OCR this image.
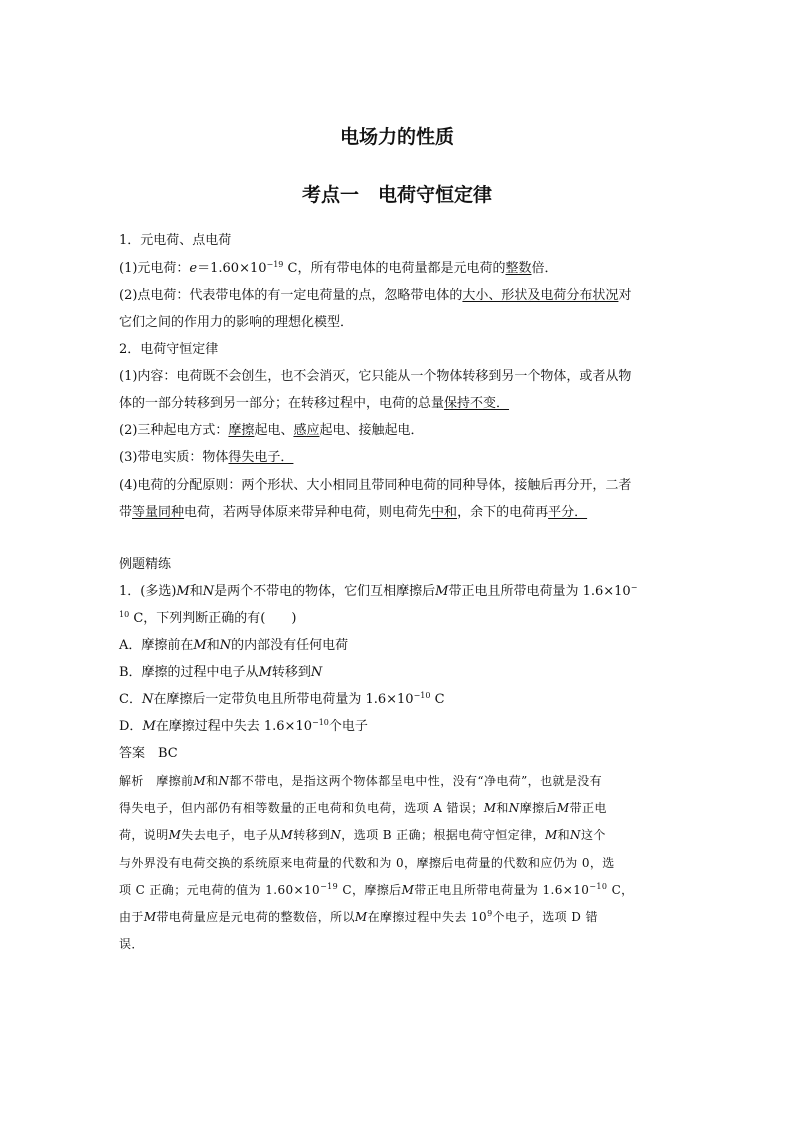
电场力的性质
考点一　电荷守恒定律
1．元电荷、点电荷
(1)元电荷：$e=1.60\times 10^{-19}$ C，所有带电体的电荷量都是元电荷的整数倍．
(2)点电荷：代表带电体的有一定电荷量的点，忽略带电体的大小、形状及电荷分布状况对
它们之间的作用力的影响的理想化模型．
2．电荷守恒定律
(1)内容：电荷既不会创生，也不会消灭，它只能从一个物体转移到另一个物体，或者从物
体的一部分转移到另一部分；在转移过程中，电荷的总量保持不变．
(2)三种起电方式：摩擦起电、感应起电、接触起电．
(3)带电实质：物体得失电子．
(4)电荷的分配原则：两个形状、大小相同且带同种电荷的同种导体，接触后再分开，二者
带等量同种电荷，若两导体原来带异种电荷，则电荷先中和，余下的电荷再平分．
例题精练
1．(多选)M和N是两个不带电的物体，它们互相摩擦后M带正电且所带电荷量为 1.6×10−
$^{10}$ C，下列判断正确的有(　　)
A．摩擦前在M和N的内部没有任何电荷
B．摩擦的过程中电子从M转移到N
C．N在摩擦后一定带负电且所带电荷量为 $1.6\times 10^{-10}$ C
D．M在摩擦过程中失去 $1.6\times 10^{-10}$个电子
答案　BC
解析　摩擦前M和N都不带电，是指这两个物体都呈电中性，没有“净电荷”，也就是没有
得失电子，但内部仍有相等数量的正电荷和负电荷，选项 A 错误；M和N摩擦后M带正电
荷，说明M失去电子，电子从M转移到N，选项 B 正确；根据电荷守恒定律，M和N这个
与外界没有电荷交换的系统原来电荷量的代数和为 0，摩擦后电荷量的代数和应仍为 0，选
项 C 正确；元电荷的值为 $1.60\times 10^{-19}$ C，摩擦后M带正电且所带电荷量为 $1.6\times 10^{-10}$ C，
由于M带电荷量应是元电荷的整数倍，所以M在摩擦过程中失去 $10^9$个电子，选项 D 错
误．
